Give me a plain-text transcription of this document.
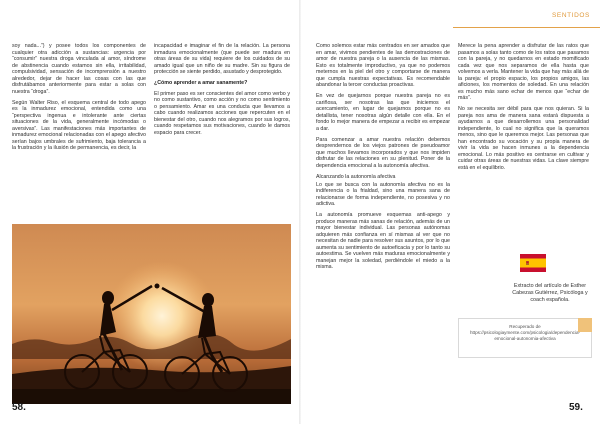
SENTIDOS

soy nada...”) y posee todos los componentes de cualquier otra adicción a sustancias: urgencia por “consumir” nuestra droga vinculada al amor, síndrome de abstinencia cuando estamos sin ella, irritabilidad, compulsividad, sensación de incomprensión a nuestro alrededor, dejar de hacer las cosas con las que disfrutábamos anteriormente para estar a solas con nuestra “droga”.

Según Walter Riso, el esquema central de todo apego es la inmadurez emocional, entendida como una “perspectiva ingenua e intolerante ante ciertas situaciones de la vida, generalmente incómodas o aversivas”. Las manifestaciones más importantes de inmadurez emocional relacionadas con el apego afectivo serían bajos umbrales de sufrimiento, baja tolerancia a la frustración y la ilusión de permanencia, es decir, la

incapacidad e imaginar el fin de la relación. La persona inmadura emocionalmente (que puede ser madura en otras áreas de su vida) requiere de los cuidados de su amado igual que un niño de su madre. Sin su figura de protección se siente perdido, asustado y desprotegido.

¿Cómo aprender a amar sanamente?

El primer paso es ser conscientes del amor como verbo y no como sustantivo, como acción y no como sentimiento o pensamiento. Amar es una conducta que llevamos a cabo cuando realizamos acciones que repercuten en el bienestar del otro, cuando nos alegramos por sus logros, cuando respetamos sus motivaciones, cuando le damos espacio para crecer.

58.

Como solemos estar más centrados en ser amados que en amar, vivimos pendientes de las demostraciones de amor de nuestra pareja o la ausencia de las mismas. Esto es totalmente improductivo, ya que no podemos meternos en la piel del otro y comportarse de manera que cumpla nuestras expectativas. Es recomendable abandonar la tercer conductas proactivas.

En vez de quejarnos porque nuestra pareja no es cariñosa, ser nosotras las que iniciemos el acercamiento, en lugar de quejarnos porque no es detallista, tener nosotras algún detalle con ella. En el fondo lo mejor manera de empezar a recibir es empezar a dar.

Para comenzar a amar nuestra relación debemos desprendernos de los viejos patrones de pseudoamor que muchos llevamos incorporados y que nos impiden disfrutar de las relaciones en su plenitud. Poner de la dependencia emocional a la autonomía afectiva.

Alcanzando la autonomía afectiva

Lo que se busca con la autonomía afectiva no es la indiferencia o la frialdad, sino una manera sana de relacionarse de forma independiente, no posesiva y no adictiva.

La autonomía promueve esquemas anti-apego y produce maneras más sanas de relación, además de un mayor bienestar individual. Las personas autónomas adquieren más confianza en sí mismas al ver que no necesitan de nadie para resolver sus asuntos, por lo que aumenta su sentimiento de autoeficacia y por lo tanto su autoestima. Se vuelven más maduras emocionalmente y manejan mejor la soledad, perdiéndole el miedo a la misma.

Merece la pena aprender a disfrutar de las ratos que pasamos a solas tanto como de los ratos que pasamos con la pareja, y no quedarnos en estado momificado cada vez que nos separamos de ella hasta que volvemos a verla. Mantener la vida que hay más allá de la pareja: el propio espacio, los propios amigos, las aficiones, los momentos de soledad. En una relación es mucho más sano echar de menos que “echar de más”.

No se necesita ser débil para que nos quieran. Si la pareja nos ama de manera sana estará dispuesta a ayudarnos a que desarrollemos una personalidad independiente, lo cual no significa que la queramos menos, sino que le queremos mejor. Las personas que han encontrado su vocación y su propia manera de vivir la vida se hacen inmunes a la dependencia emocional. Lo más positivo es centrarse en cultivar y cuidar otras áreas de nuestras vidas. La clave siempre está en el equilibrio.

Extracto del artículo de Esther Cabezas Gutiérrez, Psicóloga y coach española.
Recuperado de https://psicologiaymente.com/psicologia/dependencia-emocional-autonomia-afectiva
59.
